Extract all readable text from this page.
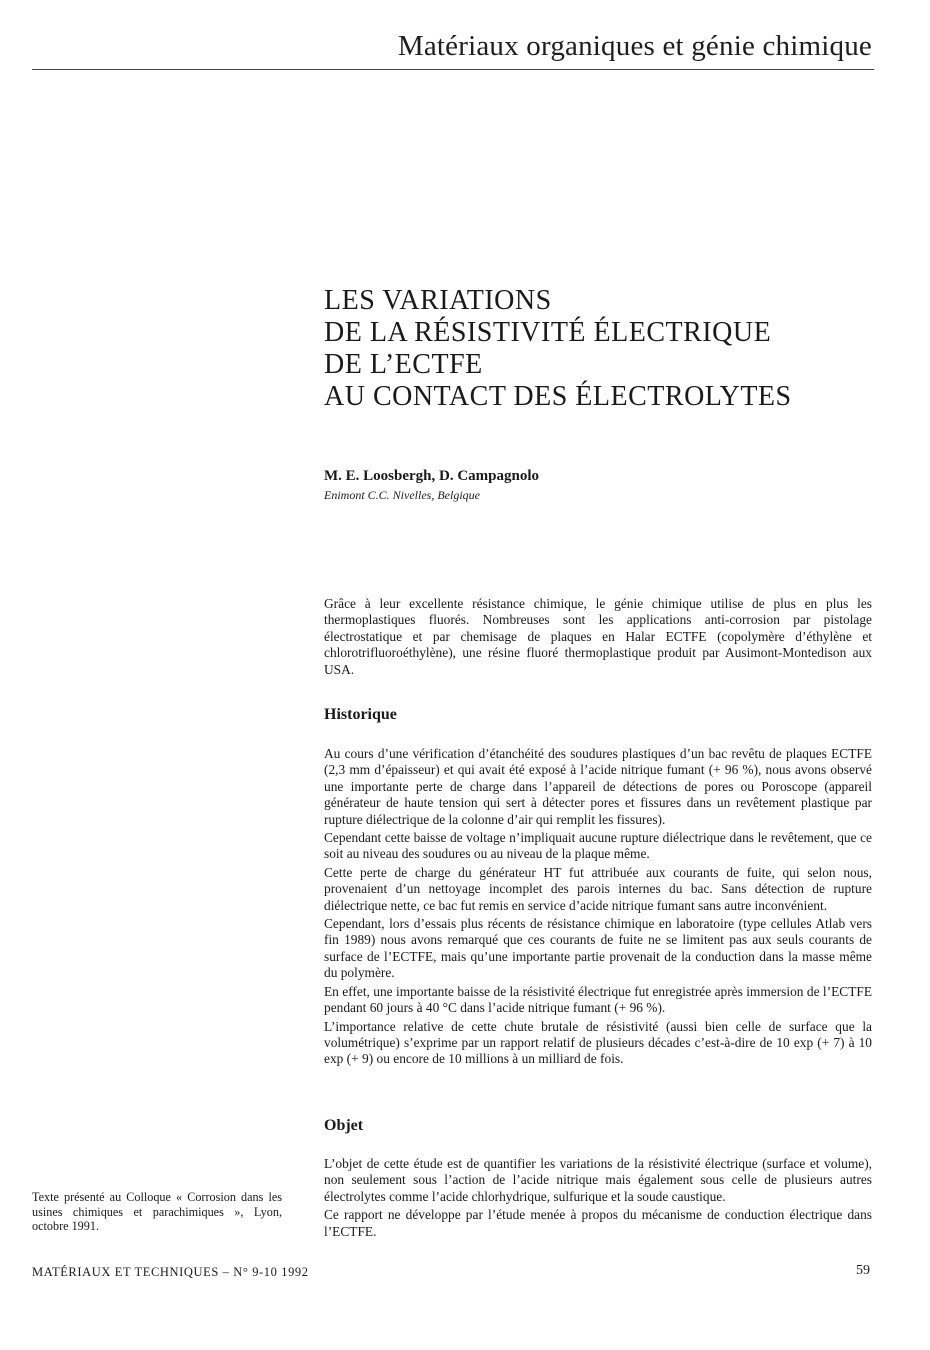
Matériaux organiques et génie chimique
LES VARIATIONS
DE LA RÉSISTIVITÉ ÉLECTRIQUE
DE L’ECTFE
AU CONTACT DES ÉLECTROLYTES
M. E. Loosbergh, D. Campagnolo
Enimont C.C. Nivelles, Belgique

Grâce à leur excellente résistance chimique, le génie chimique utilise de plus en plus les thermoplastiques fluorés. Nombreuses sont les applications anti-corrosion par pistolage électrostatique et par chemisage de plaques en Halar ECTFE (copolymère d’éthylène et chlorotrifluoroéthylène), une résine fluoré thermoplastique produit par Ausimont-Montedison aux USA.

Historique

Au cours d’une vérification d’étanchéité des soudures plastiques d’un bac revêtu de plaques ECTFE (2,3 mm d’épaisseur) et qui avait été exposé à l’acide nitrique fumant (+ 96 %), nous avons observé une importante perte de charge dans l’appareil de détections de pores ou Poroscope (appareil générateur de haute tension qui sert à détecter pores et fissures dans un revêtement plastique par rupture diélectrique de la colonne d’air qui remplit les fissures).

Cependant cette baisse de voltage n’impliquait aucune rupture diélectrique dans le revêtement, que ce soit au niveau des soudures ou au niveau de la plaque même.

Cette perte de charge du générateur HT fut attribuée aux courants de fuite, qui selon nous, provenaient d’un nettoyage incomplet des parois internes du bac. Sans détection de rupture diélectrique nette, ce bac fut remis en service d’acide nitrique fumant sans autre inconvénient.

Cependant, lors d’essais plus récents de résistance chimique en laboratoire (type cellules Atlab vers fin 1989) nous avons remarqué que ces courants de fuite ne se limitent pas aux seuls courants de surface de l’ECTFE, mais qu’une importante partie provenait de la conduction dans la masse même du polymère.

En effet, une importante baisse de la résistivité électrique fut enregistrée après immersion de l’ECTFE pendant 60 jours à 40 °C dans l’acide nitrique fumant (+ 96 %).

L’importance relative de cette chute brutale de résistivité (aussi bien celle de surface que la volumétrique) s’exprime par un rapport relatif de plusieurs décades c’est-à-dire de 10 exp (+ 7) à 10 exp (+ 9) ou encore de 10 millions à un milliard de fois.

Objet

L’objet de cette étude est de quantifier les variations de la résistivité électrique (surface et volume), non seulement sous l’action de l’acide nitrique mais également sous celle de plusieurs autres électrolytes comme l’acide chlorhydrique, sulfurique et la soude caustique.

Ce rapport ne développe par l’étude menée à propos du mécanisme de conduction électrique dans l’ECTFE.

Texte présenté au Colloque « Corrosion dans les usines chimiques et parachimiques », Lyon, octobre 1991.
MATÉRIAUX ET TECHNIQUES – N° 9-10 1992	59
